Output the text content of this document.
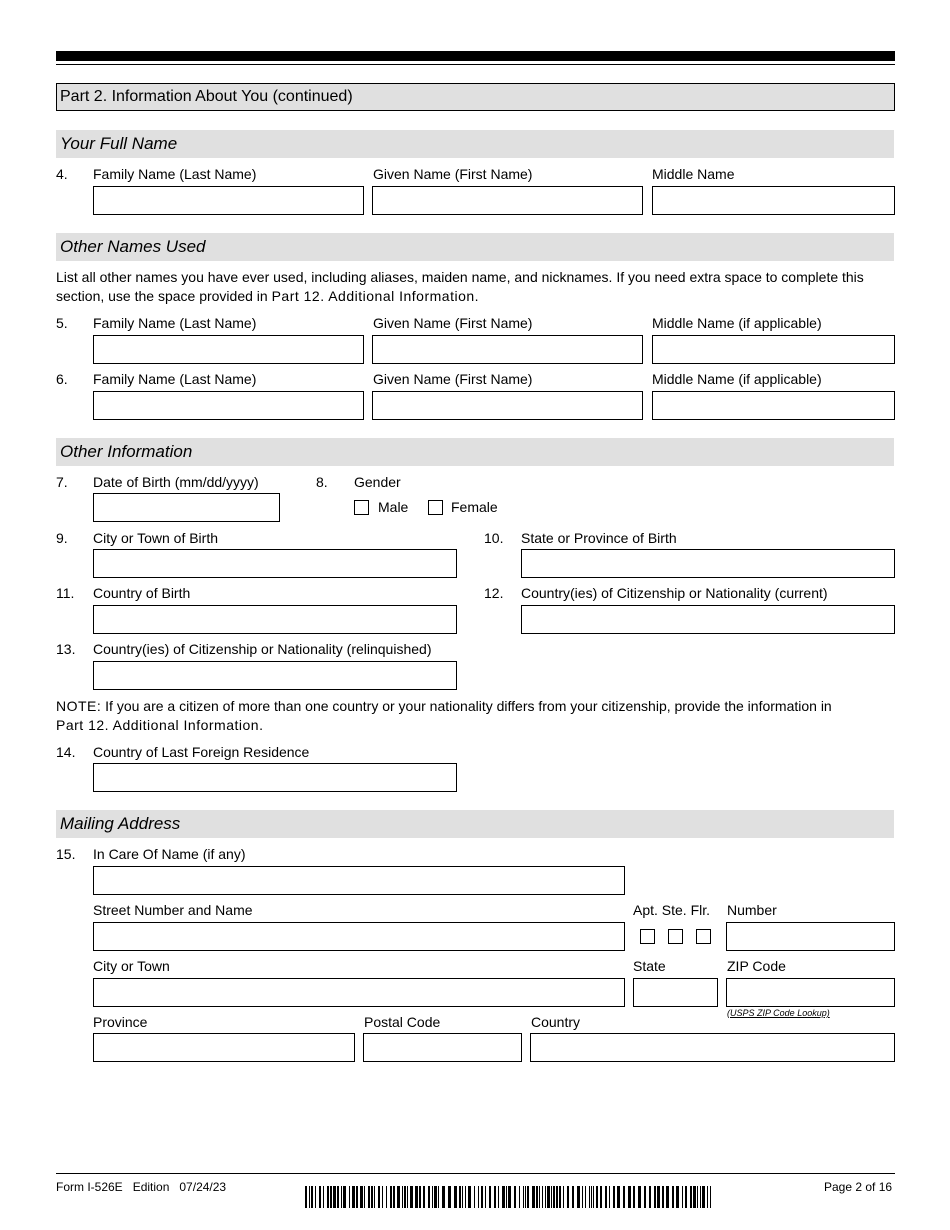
Part 2. Information About You (continued)
Your Full Name
4. Family Name (Last Name)	Given Name (First Name)	Middle Name
Other Names Used
List all other names you have ever used, including aliases, maiden name, and nicknames. If you need extra space to complete this section, use the space provided in Part 12. Additional Information.
5. Family Name (Last Name)	Given Name (First Name)	Middle Name (if applicable)
6. Family Name (Last Name)	Given Name (First Name)	Middle Name (if applicable)
Other Information
7. Date of Birth (mm/dd/yyyy)	8. Gender
Male	Female
9. City or Town of Birth	10. State or Province of Birth
11. Country of Birth	12. Country(ies) of Citizenship or Nationality (current)
13. Country(ies) of Citizenship or Nationality (relinquished)
NOTE: If you are a citizen of more than one country or your nationality differs from your citizenship, provide the information in
Part 12. Additional Information.
14. Country of Last Foreign Residence
Mailing Address
15. In Care Of Name (if any)
Street Number and Name	Apt. Ste. Flr. Number
City or Town	State	ZIP Code
(USPS ZIP Code Lookup)
Province	Postal Code	Country
Form I-526E   Edition   07/24/23	Page 2 of 16
